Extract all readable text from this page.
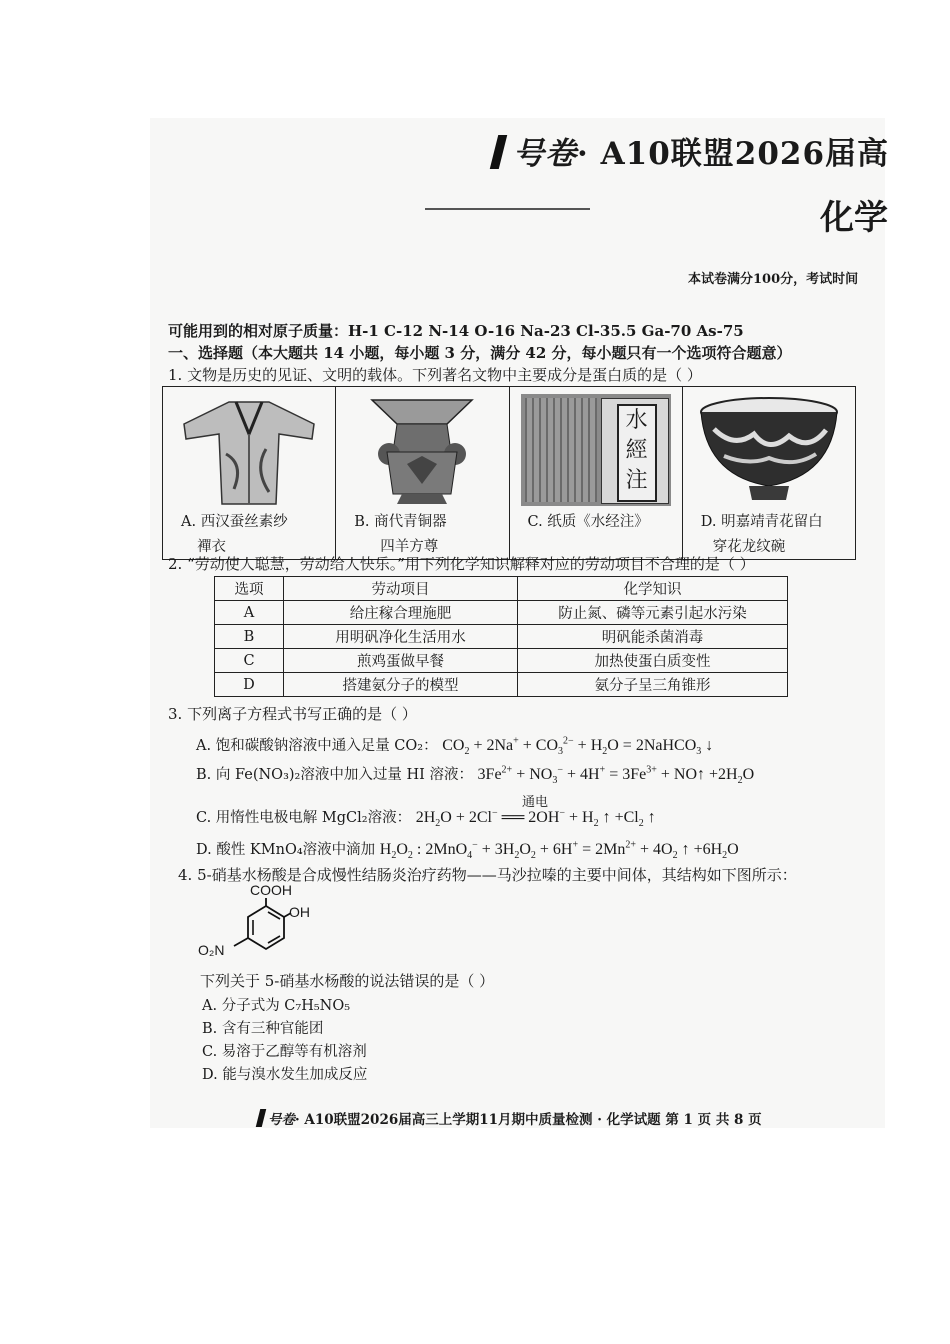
号卷· A10联盟2026届高
化学
本试卷满分100分，考试时间
可能用到的相对原子质量：H-1 C-12 N-14 O-16 Na-23 Cl-35.5 Ga-70 As-75
一、选择题（本大题共 14 小题，每小题 3 分，满分 42 分，每小题只有一个选项符合题意）
1. 文物是历史的见证、文明的载体。下列著名文物中主要成分是蛋白质的是（ ）
A. 西汉蚕丝素纱
襌衣

B. 商代青铜器
四羊方尊

水經注
C. 纸质《水经注》	D. 明嘉靖青花留白
穿花龙纹碗
2. “劳动使人聪慧，劳动给人快乐。”用下列化学知识解释对应的劳动项目不合理的是（ ）
选项	劳动项目	化学知识
A	给庄稼合理施肥	防止氮、磷等元素引起水污染
B	用明矾净化生活用水	明矾能杀菌消毒
C	煎鸡蛋做早餐	加热使蛋白质变性
D	搭建氨分子的模型	氨分子呈三角锥形
3. 下列离子方程式书写正确的是（ ）
A. 饱和碳酸钠溶液中通入足量 CO₂： $CO_2 + 2Na^+ + CO_3^{2-} + H_2O$ = 2NaHCO$_3$ ↓
B. 向 Fe(NO₃)₂溶液中加入过量 HI 溶液： $3Fe^{2+} + NO_3^- + 4H^+ = 3Fe^{3+}$ + NO↑ $+2H_2O$
通电
C. 用惰性电极电解 MgCl₂溶液： $2H_2O + 2Cl^-$ ══ $2OH^- + H_2$ ↑ $+Cl_2$ ↑
D. 酸性 KMnO₄溶液中滴加 $H_2O_2$ : $2MnO_4^- + 3H_2O_2 + 6H^+ = 2Mn^{2+} + 4O_2$ ↑ $+6H_2O$
4. 5-硝基水杨酸是合成慢性结肠炎治疗药物——马沙拉嗪的主要中间体，其结构如下图所示：
COOH
OH
O₂N
下列关于 5-硝基水杨酸的说法错误的是（ ）
A. 分子式为 C₇H₅NO₅
B. 含有三种官能团
C. 易溶于乙醇等有机溶剂
D. 能与溴水发生加成反应
号卷· A10联盟2026届高三上学期11月期中质量检测 · 化学试题 第 1 页 共 8 页
